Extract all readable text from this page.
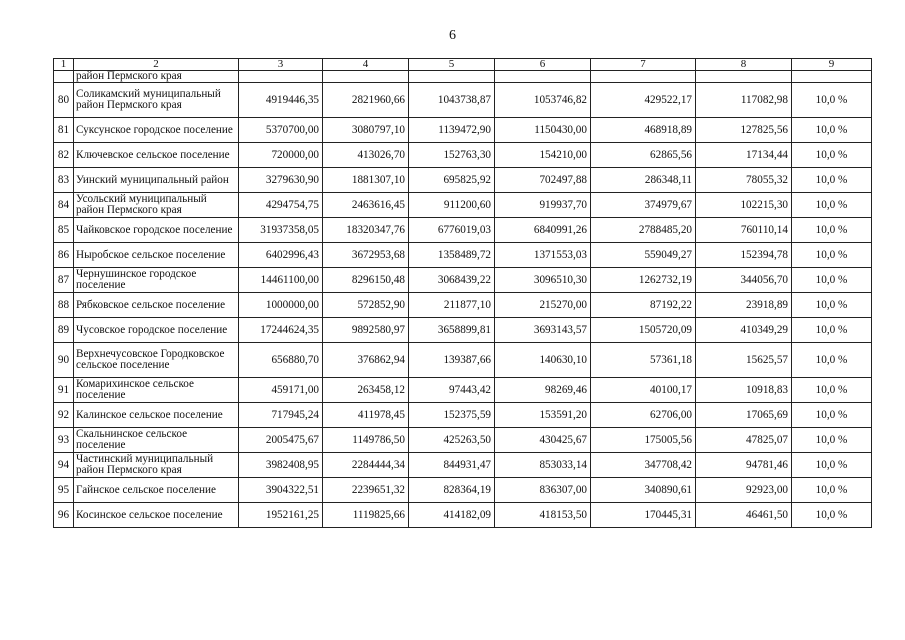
6
1	2	3	4	5	6	7	8	9
	район Пермского края							
80	Соликамский муниципальный район Пермского края	4919446,35	2821960,66	1043738,87	1053746,82	429522,17	117082,98	10,0 %
81	Суксунское городское поселение	5370700,00	3080797,10	1139472,90	1150430,00	468918,89	127825,56	10,0 %
82	Ключевское сельское поселение	720000,00	413026,70	152763,30	154210,00	62865,56	17134,44	10,0 %
83	Уинский муниципальный район	3279630,90	1881307,10	695825,92	702497,88	286348,11	78055,32	10,0 %
84	Усольский муниципальный район Пермского края	4294754,75	2463616,45	911200,60	919937,70	374979,67	102215,30	10,0 %
85	Чайковское городское поселение	31937358,05	18320347,76	6776019,03	6840991,26	2788485,20	760110,14	10,0 %
86	Ныробское сельское поселение	6402996,43	3672953,68	1358489,72	1371553,03	559049,27	152394,78	10,0 %
87	Чернушинское городское поселение	14461100,00	8296150,48	3068439,22	3096510,30	1262732,19	344056,70	10,0 %
88	Рябковское сельское поселение	1000000,00	572852,90	211877,10	215270,00	87192,22	23918,89	10,0 %
89	Чусовское городское поселение	17244624,35	9892580,97	3658899,81	3693143,57	1505720,09	410349,29	10,0 %
90	Верхнечусовское Городковское сельское поселение	656880,70	376862,94	139387,66	140630,10	57361,18	15625,57	10,0 %
91	Комарихинское сельское поселение	459171,00	263458,12	97443,42	98269,46	40100,17	10918,83	10,0 %
92	Калинское сельское поселение	717945,24	411978,45	152375,59	153591,20	62706,00	17065,69	10,0 %
93	Скальнинское сельское поселение	2005475,67	1149786,50	425263,50	430425,67	175005,56	47825,07	10,0 %
94	Частинский муниципальный район Пермского края	3982408,95	2284444,34	844931,47	853033,14	347708,42	94781,46	10,0 %
95	Гайнское сельское поселение	3904322,51	2239651,32	828364,19	836307,00	340890,61	92923,00	10,0 %
96	Косинское сельское поселение	1952161,25	1119825,66	414182,09	418153,50	170445,31	46461,50	10,0 %
